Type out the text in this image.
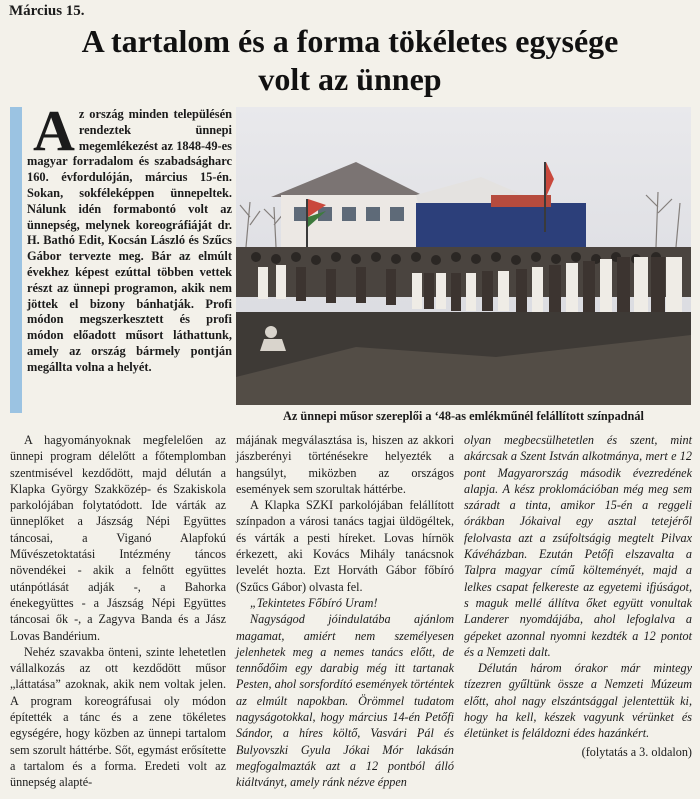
Március 15.
A tartalom és a forma tökéletes egysége
volt az ünnep

Az ország minden településén rendeztek ünnepi megemlékezést az 1848-49-es magyar forradalom és szabadságharc 160. évfordulóján, március 15-én. Sokan, sokféleképpen ünnepeltek. Nálunk idén formabontó volt az ünnepség, melynek koreográfiáját dr. H. Bathó Edit, Kocsán László és Szűcs Gábor tervezte meg. Bár az elmúlt évekhez képest ezúttal többen vettek részt az ünnepi programon, akik nem jöttek el bizony bánhatják. Profi módon megszerkesztett és profi módon előadott műsort láthattunk, amely az ország bármely pontján megállta volna a helyét.

Az ünnepi műsor szereplői a ‘48-as emlékműnél felállított színpadnál

A hagyományoknak megfelelően az ünnepi program délelőtt a főtemplomban szentmisével kezdődött, majd délután a Klapka György Szakközép- és Szakiskola parkolójában folytatódott. Ide várták az ünneplőket a Jászság Népi Együttes táncosai, a Viganó Alapfokú Művészetoktatási Intézmény táncos növendékei - akik a felnőtt együttes utánpótlását adják -, a Bahorka énekegyüttes - a Jászság Népi Együttes táncosai ők -, a Zagyva Banda és a Jász Lovas Bandérium.

Nehéz szavakba önteni, szinte lehetetlen vállalkozás az ott kezdődött műsor „láttatása” azoknak, akik nem voltak jelen. A program koreográfusai oly módon építették a tánc és a zene tökéletes egységére, hogy közben az ünnepi tartalom sem szorult háttérbe. Sőt, egymást erősítette a tartalom és a forma. Eredeti volt az ünnepség alapté-

májának megválasztása is, hiszen az akkori jászberényi történésekre helyezték a hangsúlyt, miközben az országos események sem szorultak háttérbe.

A Klapka SZKI parkolójában felállított színpadon a városi tanács tagjai üldögéltek, és várták a pesti híreket. Lovas hírnök érkezett, aki Kovács Mihály tanácsnok levelét hozta. Ezt Horváth Gábor főbíró (Szűcs Gábor) olvasta fel.

„Tekintetes Főbíró Uram!

Nagyságod jóindulatába ajánlom magamat, amiért nem személyesen jelenhetek meg a nemes tanács előtt, de tennődőim egy darabig még itt tartanak Pesten, ahol sorsfordító események történtek az elmúlt napokban. Örömmel tudatom nagyságotokkal, hogy március 14-én Petőfi Sándor, a híres költő, Vasvári Pál és Bulyovszki Gyula Jókai Mór lakásán megfogalmazták azt a 12 pontból álló kiáltványt, amely ránk nézve éppen

olyan megbecsülhetetlen és szent, mint akárcsak a Szent István alkotmánya, mert e 12 pont Magyarország második évezredének alapja. A kész proklomációban még meg sem száradt a tinta, amikor 15-én a reggeli órákban Jókaival egy asztal tetejéről felolvasta azt a zsúfoltságig megtelt Pilvax Kávéházban. Ezután Petőfi elszavalta a Talpra magyar című költeményét, majd a lelkes csapat felkereste az egyetemi ifjúságot, s maguk mellé állítva őket együtt vonultak Landerer nyomdájába, ahol lefoglalva a gépeket azonnal nyomni kezdték a 12 pontot és a Nemzeti dalt.

Délután három órakor már mintegy tízezren gyűltünk össze a Nemzeti Múzeum előtt, ahol nagy elszántsággal jelentettük ki, hogy ha kell, készek vagyunk vérünket és életünket is feláldozni édes hazánkért.

(folytatás a 3. oldalon)
